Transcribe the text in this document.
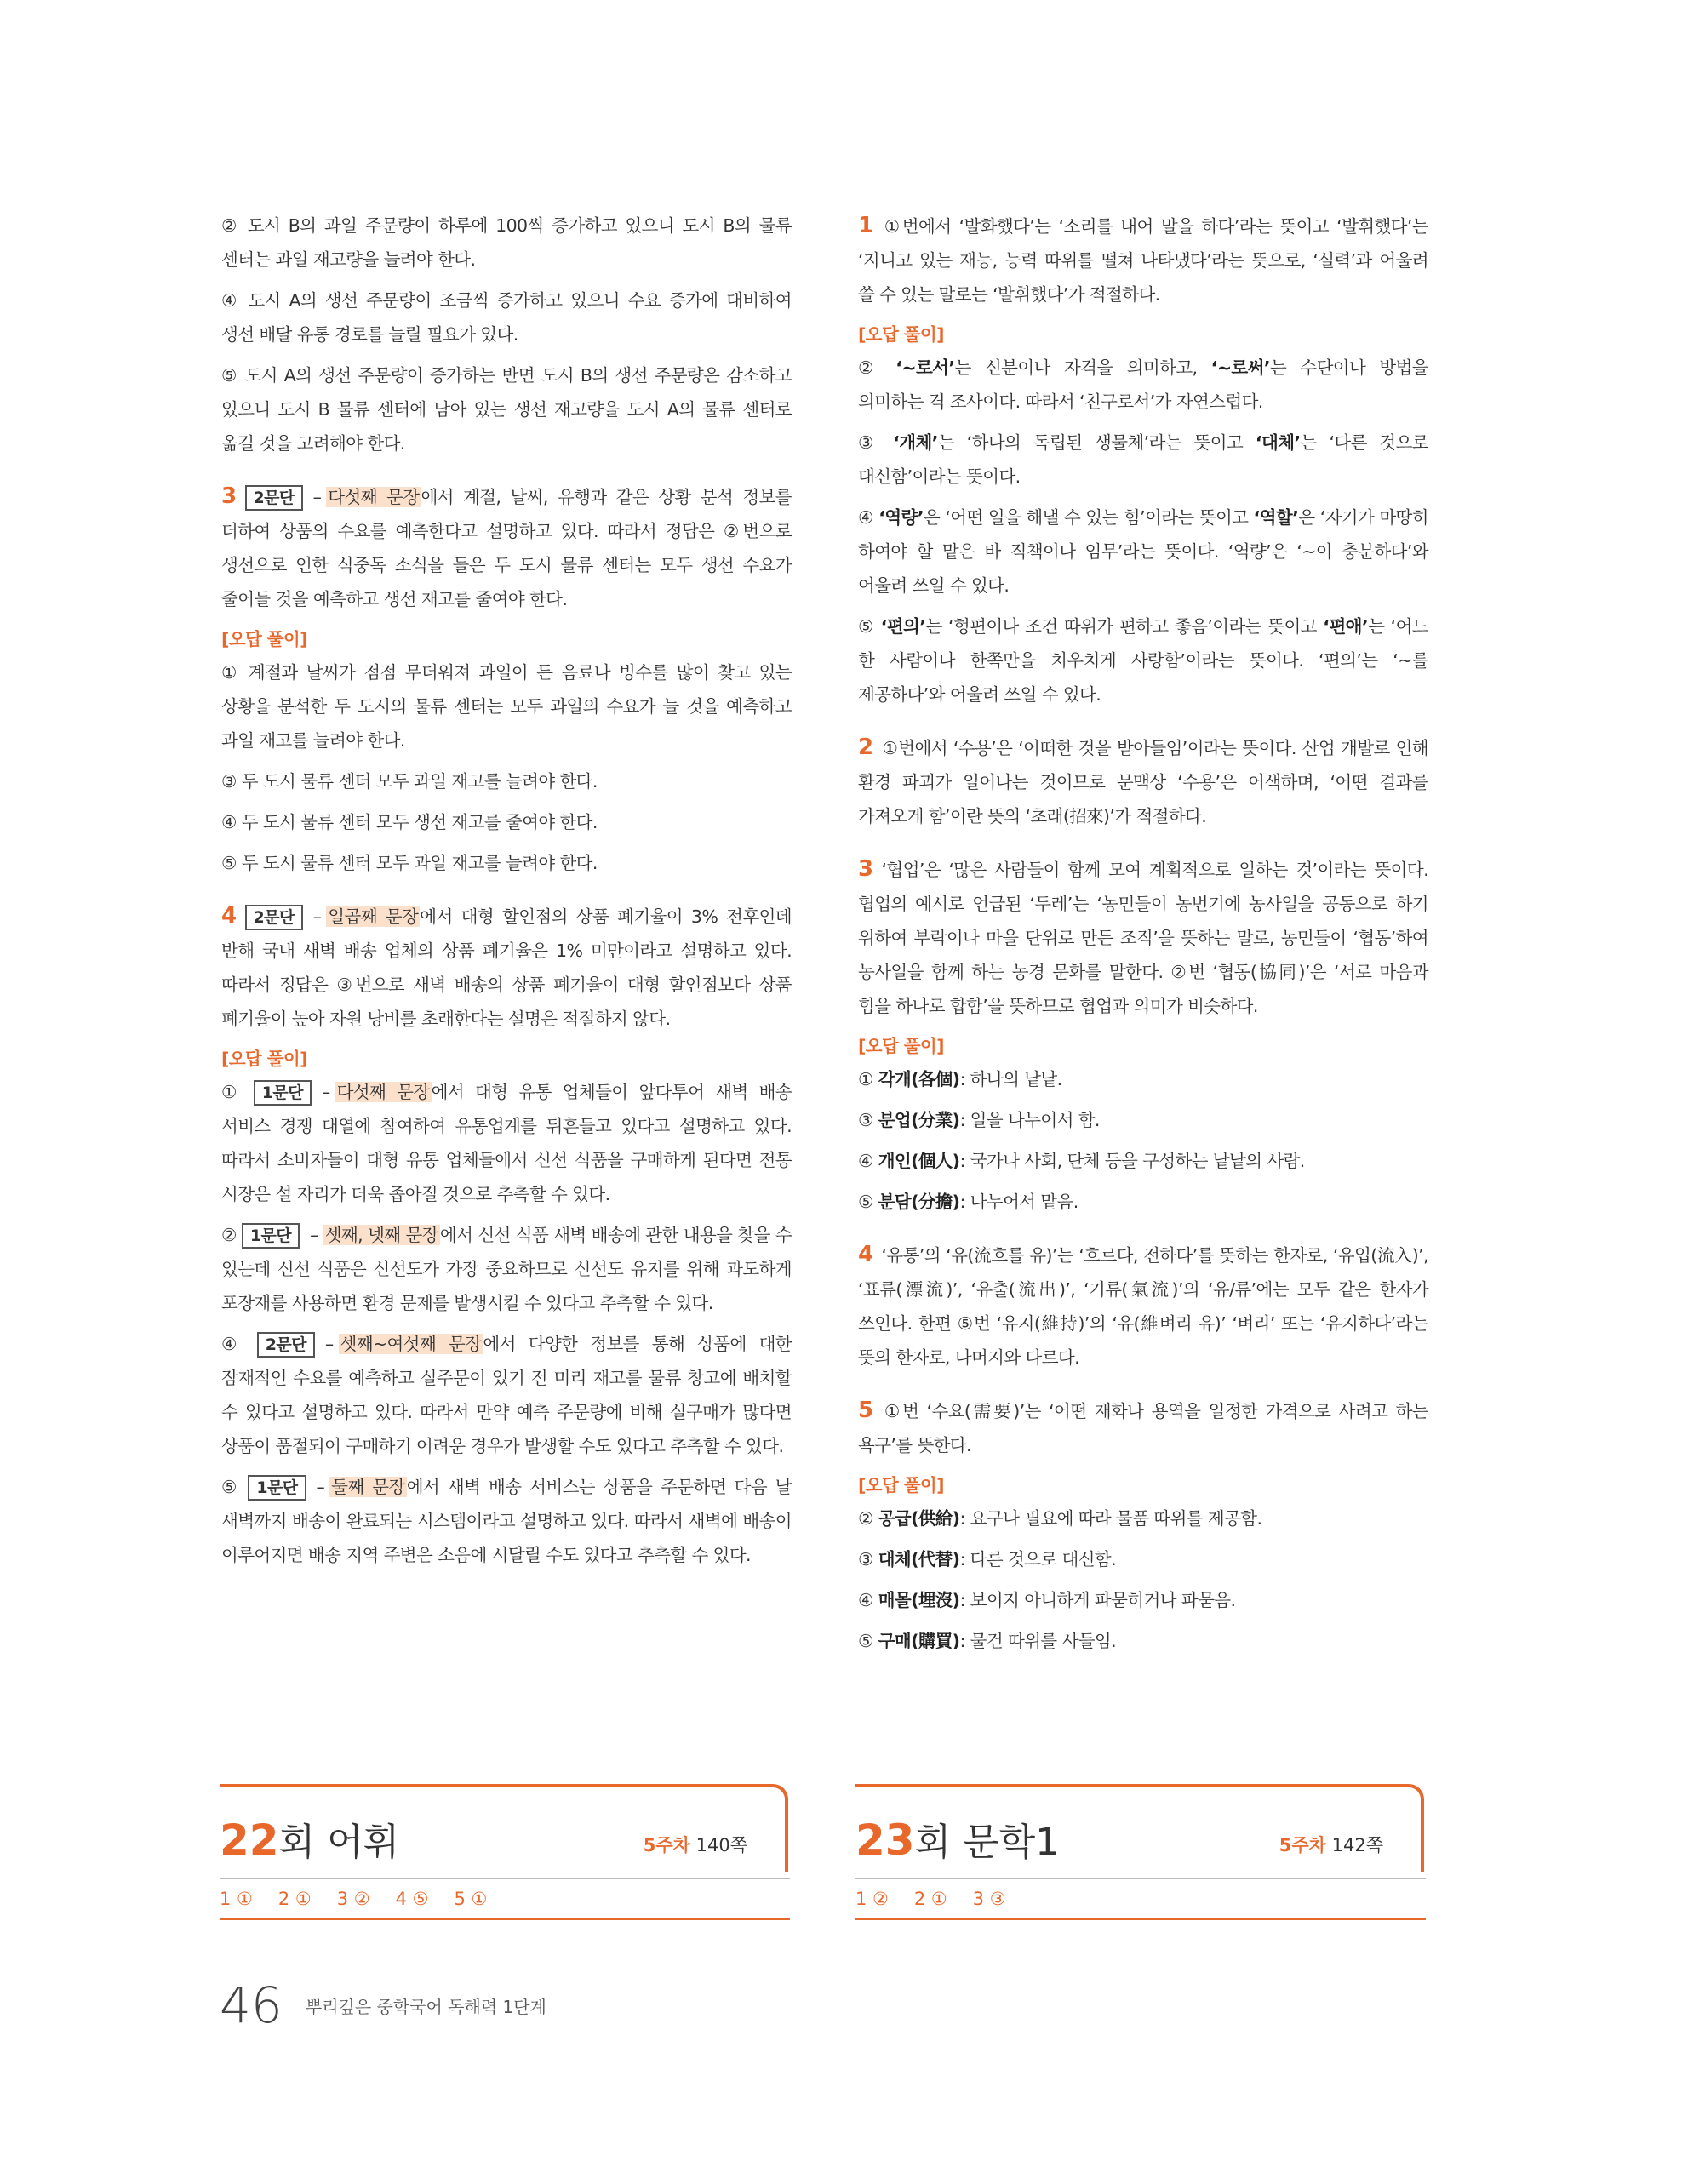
② 도시 B의 과일 주문량이 하루에 100씩 증가하고 있으니 도시 B의 물류 센터는 과일 재고량을 늘려야 한다.

④ 도시 A의 생선 주문량이 조금씩 증가하고 있으니 수요 증가에 대비하여 생선 배달 유통 경로를 늘릴 필요가 있다.

⑤ 도시 A의 생선 주문량이 증가하는 반면 도시 B의 생선 주문량은 감소하고 있으니 도시 B 물류 센터에 남아 있는 생선 재고량을 도시 A의 물류 센터로 옮길 것을 고려해야 한다.

3 2문단 – 다섯째 문장에서 계절, 날씨, 유행과 같은 상황 분석 정보를 더하여 상품의 수요를 예측한다고 설명하고 있다. 따라서 정답은 ②번으로 생선으로 인한 식중독 소식을 들은 두 도시 물류 센터는 모두 생선 수요가 줄어들 것을 예측하고 생선 재고를 줄여야 한다.

[오답 풀이]

① 계절과 날씨가 점점 무더워져 과일이 든 음료나 빙수를 많이 찾고 있는 상황을 분석한 두 도시의 물류 센터는 모두 과일의 수요가 늘 것을 예측하고 과일 재고를 늘려야 한다.

③ 두 도시 물류 센터 모두 과일 재고를 늘려야 한다.

④ 두 도시 물류 센터 모두 생선 재고를 줄여야 한다.

⑤ 두 도시 물류 센터 모두 과일 재고를 늘려야 한다.

4 2문단 – 일곱째 문장에서 대형 할인점의 상품 폐기율이 3% 전후인데 반해 국내 새벽 배송 업체의 상품 폐기율은 1% 미만이라고 설명하고 있다. 따라서 정답은 ③번으로 새벽 배송의 상품 폐기율이 대형 할인점보다 상품 폐기율이 높아 자원 낭비를 초래한다는 설명은 적절하지 않다.

[오답 풀이]

① 1문단 – 다섯째 문장에서 대형 유통 업체들이 앞다투어 새벽 배송 서비스 경쟁 대열에 참여하여 유통업계를 뒤흔들고 있다고 설명하고 있다. 따라서 소비자들이 대형 유통 업체들에서 신선 식품을 구매하게 된다면 전통 시장은 설 자리가 더욱 좁아질 것으로 추측할 수 있다.

② 1문단 – 셋째, 넷째 문장에서 신선 식품 새벽 배송에 관한 내용을 찾을 수 있는데 신선 식품은 신선도가 가장 중요하므로 신선도 유지를 위해 과도하게 포장재를 사용하면 환경 문제를 발생시킬 수 있다고 추측할 수 있다.

④ 2문단 – 셋째~여섯째 문장에서 다양한 정보를 통해 상품에 대한 잠재적인 수요를 예측하고 실주문이 있기 전 미리 재고를 물류 창고에 배치할 수 있다고 설명하고 있다. 따라서 만약 예측 주문량에 비해 실구매가 많다면 상품이 품절되어 구매하기 어려운 경우가 발생할 수도 있다고 추측할 수 있다.

⑤ 1문단 – 둘째 문장에서 새벽 배송 서비스는 상품을 주문하면 다음 날 새벽까지 배송이 완료되는 시스템이라고 설명하고 있다. 따라서 새벽에 배송이 이루어지면 배송 지역 주변은 소음에 시달릴 수도 있다고 추측할 수 있다.

1 ①번에서 ‘발화했다’는 ‘소리를 내어 말을 하다’라는 뜻이고 ‘발휘했다’는 ‘지니고 있는 재능, 능력 따위를 떨쳐 나타냈다’라는 뜻으로, ‘실력’과 어울려 쓸 수 있는 말로는 ‘발휘했다’가 적절하다.

[오답 풀이]

② ‘~로서’는 신분이나 자격을 의미하고, ‘~로써’는 수단이나 방법을 의미하는 격 조사이다. 따라서 ‘친구로서’가 자연스럽다.

③ ‘개체’는 ‘하나의 독립된 생물체’라는 뜻이고 ‘대체’는 ‘다른 것으로 대신함’이라는 뜻이다.

④ ‘역량’은 ‘어떤 일을 해낼 수 있는 힘’이라는 뜻이고 ‘역할’은 ‘자기가 마땅히 하여야 할 맡은 바 직책이나 임무’라는 뜻이다. ‘역량’은 ‘~이 충분하다’와 어울려 쓰일 수 있다.

⑤ ‘편의’는 ‘형편이나 조건 따위가 편하고 좋음’이라는 뜻이고 ‘편애’는 ‘어느 한 사람이나 한쪽만을 치우치게 사랑함’이라는 뜻이다. ‘편의’는 ‘~를 제공하다’와 어울려 쓰일 수 있다.

2 ①번에서 ‘수용’은 ‘어떠한 것을 받아들임’이라는 뜻이다. 산업 개발로 인해 환경 파괴가 일어나는 것이므로 문맥상 ‘수용’은 어색하며, ‘어떤 결과를 가져오게 함’이란 뜻의 ‘초래(招來)’가 적절하다.

3 ‘협업’은 ‘많은 사람들이 함께 모여 계획적으로 일하는 것’이라는 뜻이다. 협업의 예시로 언급된 ‘두레’는 ‘농민들이 농번기에 농사일을 공동으로 하기 위하여 부락이나 마을 단위로 만든 조직’을 뜻하는 말로, 농민들이 ‘협동’하여 농사일을 함께 하는 농경 문화를 말한다. ②번 ‘협동(協同)’은 ‘서로 마음과 힘을 하나로 합함’을 뜻하므로 협업과 의미가 비슷하다.

[오답 풀이]

① 각개(各個): 하나의 낱낱.

③ 분업(分業): 일을 나누어서 함.

④ 개인(個人): 국가나 사회, 단체 등을 구성하는 낱낱의 사람.

⑤ 분담(分擔): 나누어서 맡음.

4 ‘유통’의 ‘유(流흐를 유)’는 ‘흐르다, 전하다’를 뜻하는 한자로, ‘유입(流入)’, ‘표류(漂流)’, ‘유출(流出)’, ‘기류(氣流)’의 ‘유/류’에는 모두 같은 한자가 쓰인다. 한편 ⑤번 ‘유지(維持)’의 ‘유(維벼리 유)’ ‘벼리’ 또는 ‘유지하다’라는 뜻의 한자로, 나머지와 다르다.

5 ①번 ‘수요(需要)’는 ‘어떤 재화나 용역을 일정한 가격으로 사려고 하는 욕구’를 뜻한다.

[오답 풀이]

② 공급(供給): 요구나 필요에 따라 물품 따위를 제공함.

③ 대체(代替): 다른 것으로 대신함.

④ 매몰(埋沒): 보이지 아니하게 파묻히거나 파묻음.

⑤ 구매(購買): 물건 따위를 사들임.

22회 어휘	5주차 140쪽
1 ① 2 ① 3 ② 4 ⑤ 5 ①
23회 문학1	5주차 142쪽
1 ② 2 ① 3 ③
46 뿌리깊은 중학국어 독해력 1단계
